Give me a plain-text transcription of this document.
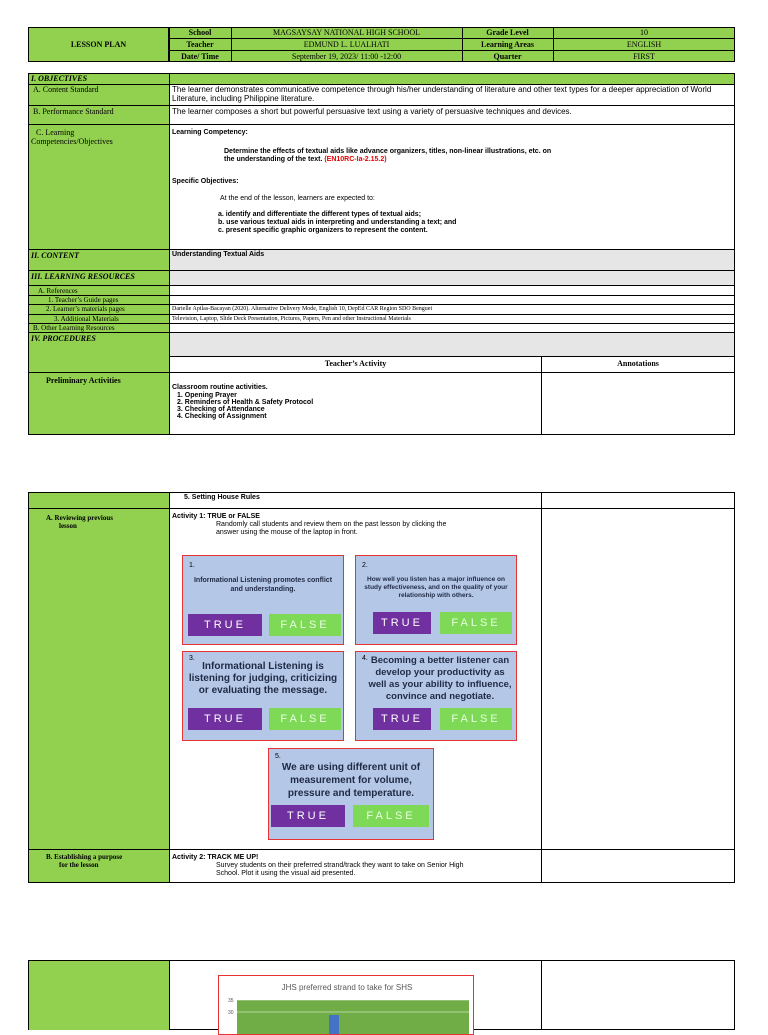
LESSON PLAN
School	MAGSAYSAY NATIONAL HIGH SCHOOL	Grade Level	10
Teacher	EDMUND L. LUALHATI	Learning Areas	ENGLISH
Date/ Time	September 19, 2023/ 11:00 -12:00	Quarter	FIRST
I. OBJECTIVES
A. Content Standard	The learner demonstrates communicative competence through his/her understanding of literature and other text types for a deeper appreciation of World Literature, including Philippine literature.
B. Performance Standard	The learner composes a short but powerful persuasive text using a variety of persuasive techniques and devices.
C. Learning
Competencies/Objectives
Learning Competency:
Determine the effects of textual aids like advance organizers, titles, non-linear illustrations, etc. on
the understanding of the text. (EN10RC-Ia-2.15.2)
Specific Objectives:
At the end of the lesson, learners are expected to:
a. identify and differentiate the different types of textual aids;
b. use various textual aids in interpreting and understanding a text; and
c. present specific graphic organizers to represent the content.
II. CONTENT	Understanding Textual Aids
III. LEARNING RESOURCES
A. References
1. Teacher’s Guide pages
2. Learner’s materials pages	Darielle Apilas-Bacayan (2020). Alternative Delivery Mode, English 10, DepEd CAR Region SDO Benguet
3. Additional Materials	Television, Laptop, Slide Deck Presentation, Pictures, Papers, Pen and other Instructional Materials
B. Other Learning Resources
IV. PROCEDURES
Teacher’s Activity	Annotations
Preliminary Activities
Classroom routine activities.
1. Opening Prayer
2. Reminders of Health & Safety Protocol
3. Checking of Attendance
4. Checking of Assignment
5. Setting House Rules
A. Reviewíng previous
lesson
Activity 1: TRUE or FALSE
Randomly call students and review them on the past lesson by clicking the
answer using the mouse of the laptop in front.
1.
Informational Listening promotes conflict and understanding.
TRUE	FALSE
2.
How well you listen has a major influence on study effectiveness, and on the quality of your relationship with others.
TRUE	FALSE
3.
Informational Listening is listening for judging, criticizing or evaluating the message.
TRUE	FALSE
4. Becoming a better listener can develop your productivity as well as your ability to influence, convince and negotiate.
TRUE	FALSE
5.
We are using different unit of measurement for volume, pressure and temperature.
TRUE	FALSE
B. Establishing a purpose
for the lesson
Activity 2: TRACK ME UP!
Survey students on their preferred strand/track they want to take on Senior High
School. Plot it using the visual aid presented.
JHS preferred strand to take for SHS
35
30
